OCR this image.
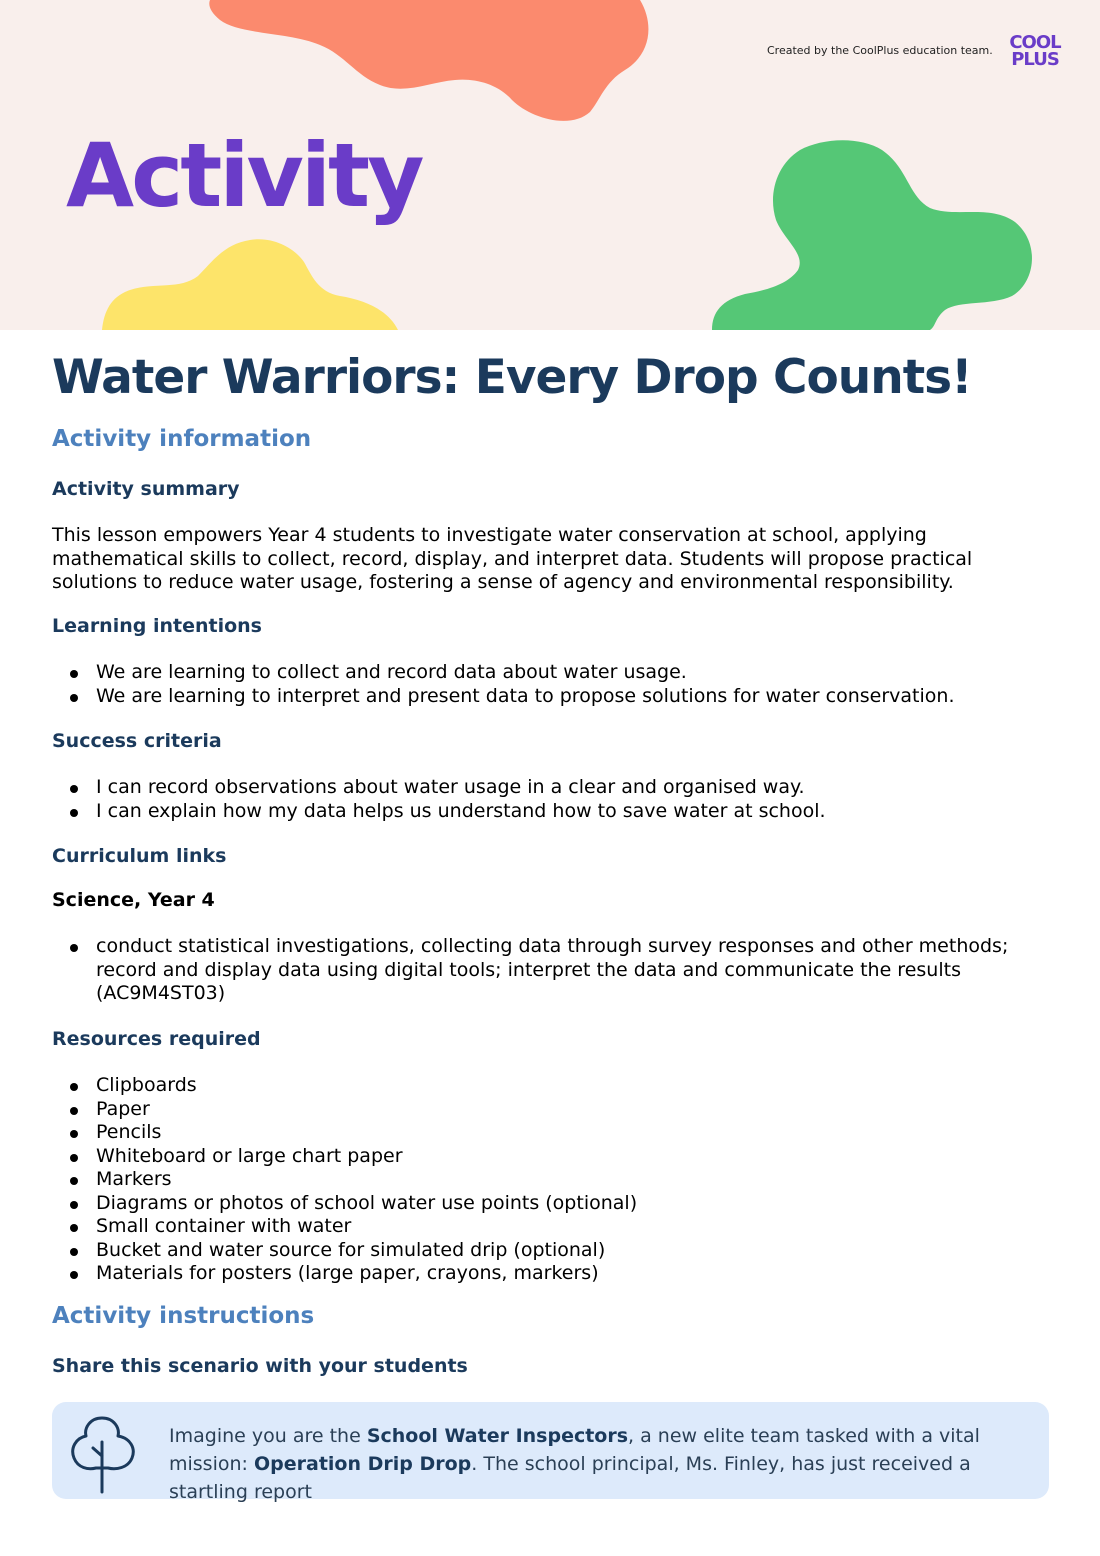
Created by the CoolPlus education team. COOL
PLUS
Activity
Water Warriors: Every Drop Counts!
Activity information
Activity summary

This lesson empowers Year 4 students to investigate water conservation at school, applying mathematical skills to collect, record, display, and interpret data. Students will propose practical solutions to reduce water usage, fostering a sense of agency and environmental responsibility.

Learning intentions
We are learning to collect and record data about water usage.
We are learning to interpret and present data to propose solutions for water conservation.
Success criteria
I can record observations about water usage in a clear and organised way.
I can explain how my data helps us understand how to save water at school.
Curriculum links
Science, Year 4
conduct statistical investigations, collecting data through survey responses and other methods; record and display data using digital tools; interpret the data and communicate the results (AC9M4ST03)
Resources required
Clipboards
Paper
Pencils
Whiteboard or large chart paper
Markers
Diagrams or photos of school water use points (optional)
Small container with water
Bucket and water source for simulated drip (optional)
Materials for posters (large paper, crayons, markers)
Activity instructions
Share this scenario with your students

Imagine you are the School Water Inspectors, a new elite team tasked with a vital mission: Operation Drip Drop. The school principal, Ms. Finley, has just received a startling report
